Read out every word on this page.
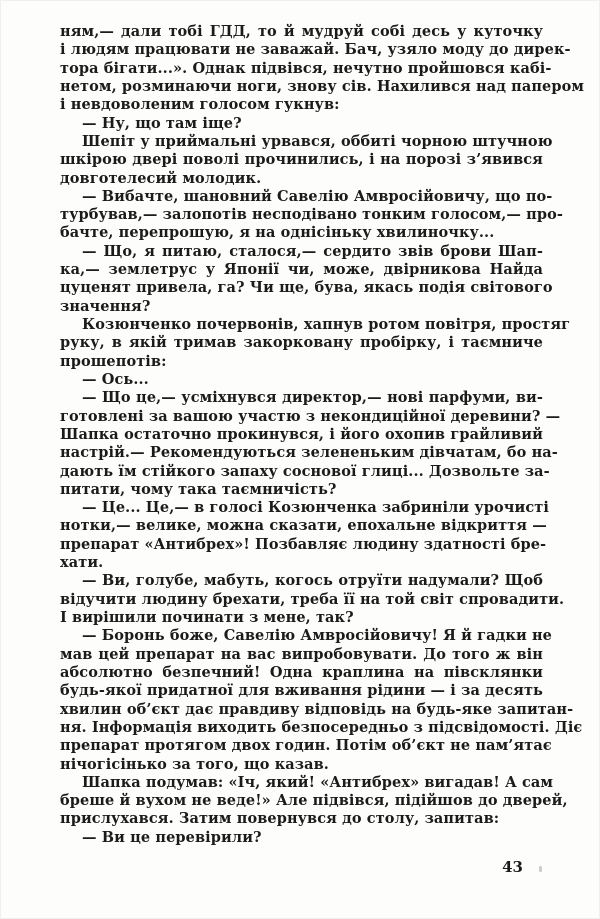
ням,— дали тобі ГДД, то й мудруй собі десь у куточку
і людям працювати не заважай. Бач, узяло моду до дирек-
тора бігати...». Однак підвівся, нечутно пройшовся кабі-
нетом, розминаючи ноги, знову сів. Нахилився над папером
і невдоволеним голосом гукнув:
— Ну, що там іще?
Шепіт у приймальні урвався, оббиті чорною штучною
шкірою двері поволі прочинились, і на порозі з’явився
довготелесий молодик.
— Вибачте, шановний Савелію Амвросійовичу, що по-
турбував,— залопотів несподівано тонким голосом,— про-
бачте, перепрошую, я на однісіньку хвилиночку...
— Що, я питаю, сталося,— сердито звів брови Шап-
ка,— землетрус у Японії чи, може, двірникова Найда
цуценят привела, га? Чи ще, бува, якась подія світового
значення?
Козюнченко почервонів, хапнув ротом повітря, простяг
руку, в якій тримав закорковану пробірку, і таємниче
прошепотів:
— Ось...
— Що це,— усміхнувся директор,— нові парфуми, ви-
готовлені за вашою участю з некондиційної деревини? —
Шапка остаточно прокинувся, і його охопив грайливий
настрій.— Рекомендуються зелененьким дівчатам, бо на-
дають їм стійкого запаху соснової глиці... Дозвольте за-
питати, чому така таємничість?
— Це... Це,— в голосі Козюнченка забриніли урочисті
нотки,— велике, можна сказати, епохальне відкриття —
препарат «Антибрех»! Позбавляє людину здатності бре-
хати.
— Ви, голубе, мабуть, когось отруїти надумали? Щоб
відучити людину брехати, треба її на той світ спровадити.
І вирішили починати з мене, так?
— Боронь боже, Савелію Амвросійовичу! Я й гадки не
мав цей препарат на вас випробовувати. До того ж він
абсолютно безпечний! Одна краплина на півсклянки
будь-якої придатної для вживання рідини — і за десять
хвилин об’єкт дає правдиву відповідь на будь-яке запитан-
ня. Інформація виходить безпосередньо з підсвідомості. Діє
препарат протягом двох годин. Потім об’єкт не пам’ятає
нічогісінько за того, що казав.
Шапка подумав: «Іч, який! «Антибрех» вигадав! А сам
бреше й вухом не веде!» Але підвівся, підійшов до дверей,
прислухався. Затим повернувся до столу, запитав:
— Ви це перевірили?
43
